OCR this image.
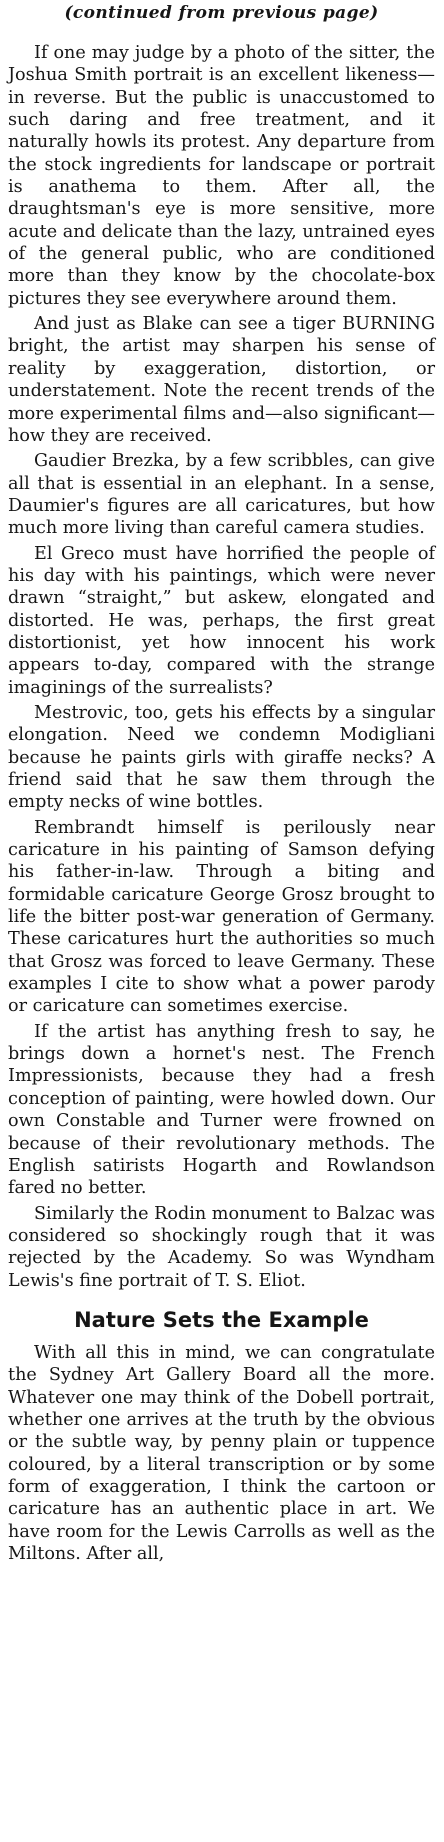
(continued from previous page)

If one may judge by a photo of the sitter, the Joshua Smith portrait is an excellent likeness—in reverse. But the public is unaccustomed to such daring and free treatment, and it naturally howls its protest. Any departure from the stock ingredients for landscape or portrait is anathema to them. After all, the draughtsman's eye is more sensitive, more acute and delicate than the lazy, untrained eyes of the general public, who are conditioned more than they know by the chocolate-box pictures they see everywhere around them.

And just as Blake can see a tiger BURNING bright, the artist may sharpen his sense of reality by exaggeration, distortion, or understatement. Note the recent trends of the more experimental films and—also significant—how they are received.

Gaudier Brezka, by a few scribbles, can give all that is essential in an elephant. In a sense, Daumier's figures are all caricatures, but how much more living than careful camera studies.

El Greco must have horrified the people of his day with his paintings, which were never drawn “straight,” but askew, elongated and distorted. He was, perhaps, the first great distortionist, yet how innocent his work appears to-day, compared with the strange imaginings of the surrealists?

Mestrovic, too, gets his effects by a singular elongation. Need we condemn Modigliani because he paints girls with giraffe necks? A friend said that he saw them through the empty necks of wine bottles.

Rembrandt himself is perilously near caricature in his painting of Samson defying his father-in-law. Through a biting and formidable caricature George Grosz brought to life the bitter post-war generation of Germany. These caricatures hurt the authorities so much that Grosz was forced to leave Germany. These examples I cite to show what a power parody or caricature can sometimes exercise.

If the artist has anything fresh to say, he brings down a hornet's nest. The French Impressionists, because they had a fresh conception of painting, were howled down. Our own Constable and Turner were frowned on because of their revolutionary methods. The English satirists Hogarth and Rowlandson fared no better.

Similarly the Rodin monument to Balzac was considered so shockingly rough that it was rejected by the Academy. So was Wyndham Lewis's fine portrait of T. S. Eliot.

Nature Sets the Example

With all this in mind, we can congratulate the Sydney Art Gallery Board all the more. Whatever one may think of the Dobell portrait, whether one arrives at the truth by the obvious or the subtle way, by penny plain or tuppence coloured, by a literal transcription or by some form of exaggeration, I think the cartoon or caricature has an authentic place in art. We have room for the Lewis Carrolls as well as the Miltons. After all,
